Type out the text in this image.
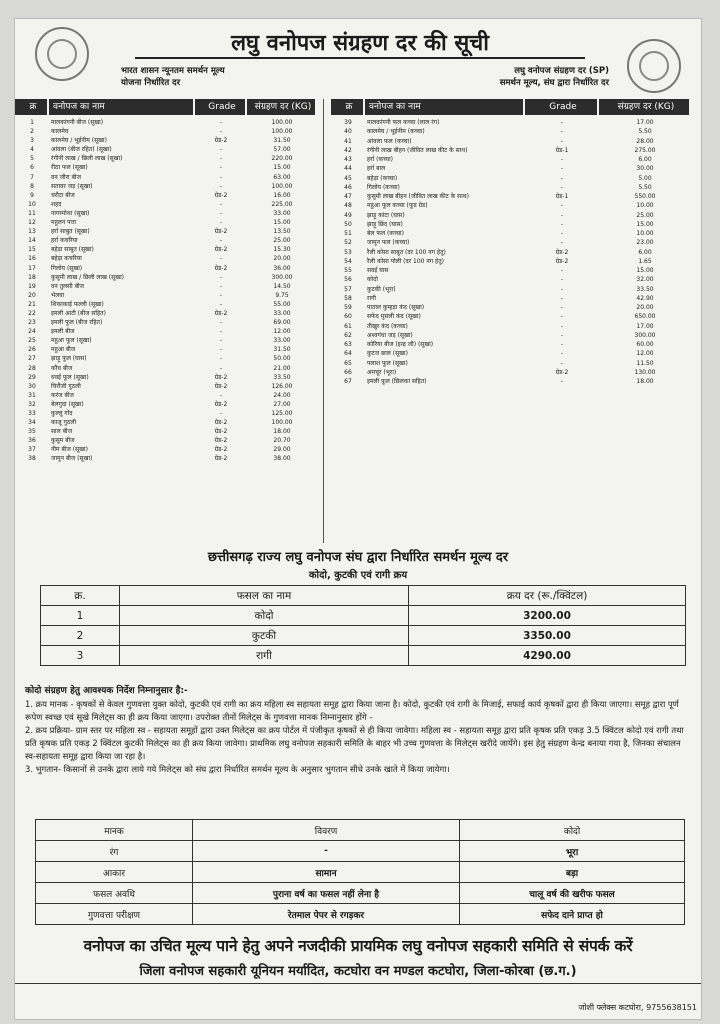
लघु वनोपज संग्रहण दर की सूची
भारत शासन न्यूनतम समर्थन मूल्य
योजना निर्धारित दर
लघु वनोपज संग्रहण दर (SP)
समर्थन मूल्य, संघ द्वारा निर्धारित दर
क्र	वनोपज का नाम	Grade	संग्रहण दर (KG)
1	मालकांगनी बीज (सूखा)	-	100.00
2	कालमेघ	-	100.00
3	कालमेघ / भूईनीम (सूखा)	ग्रेड-2	31.50
4	आंवला (बीज रहित) (सूखा)	-	57.00
5	रंगीनी लाख / छिली लाख (सूखा)	-	220.00
6	रीठा फल (सूखा)	-	15.00
7	वन जीरा बीज	-	63.00
8	सतावर जड़ (सूखा)	-	100.00
9	चरौटा बीज	ग्रेड-2	16.00
10	शहद	-	225.00
11	नागरमोथा (सूखा)	-	33.00
12	महुलन पत्ता	-	15.00
13	हर्रा साबुत (सूखा)	ग्रेड-2	13.50
14	हर्रा कचरिया	-	25.00
15	बहेड़ा साबुत (सूखा)	ग्रेड-2	15.30
16	बहेड़ा कचरिया	-	20.00
17	गिलोय (सूखा)	ग्रेड-2	36.00
18	कुसुमी लाख / छिली लाख (सूखा)	-	300.00
19	वन तुलसी बीज	-	14.50
20	भेलवा	-	9.75
21	शिकाकाई फल्ली (सूखा)	-	55.00
22	इमली आटी (बीज सहित)	ग्रेड-2	33.00
23	इमली फूल (बीज रहित)	-	69.00
24	इमली बीज	-	12.00
25	महुआ फूल (सूखा)	-	33.00
26	महुआ बीज	-	31.50
27	झाड़ू फूल (घास)	-	50.00
28	कौंच बीज	-	21.00
29	धवई फूल (सूखा)	ग्रेड-2	33.50
30	चिरौंजी गुठली	ग्रेड-2	126.00
31	करंज बीज	-	24.00
32	बेलगुदा (सूखा)	ग्रेड-2	27.00
33	कुल्लू गोंद	-	125.00
34	काजू गुठली	ग्रेड-2	100.00
35	साल बीज	ग्रेड-2	18.00
36	कुसुम बीज	ग्रेड-2	20.70
37	नीम बीज (सूखा)	ग्रेड-2	29.00
38	जामुन बीज (सूखा)	ग्रेड-2	38.00
क्र	वनोपज का नाम	Grade	संग्रहण दर (KG)
39	मालकांगनी फल कच्चा (लाल रंग)	-	17.00
40	कालमेघ / भूईनीम (कच्चा)	-	5.50
41	आंवला फल (कच्चा)	-	28.00
42	रंगीनी लाख बीहन (जीवित लाख कीट के साथ)	ग्रेड-1	275.00
43	हर्रा (कच्चा)	-	6.00
44	हर्रा बाल	-	30.00
45	बहेड़ा (कच्चा)	-	5.00
46	गिलोय (कच्चा)	-	5.50
47	कुसुमी लाख बीहन (जीवित लाख कीट के साथ)	ग्रेड-1	550.00
48	महुआ फूल कच्चा (फूड ग्रेड)	-	10.00
49	झाड़ू कांटा (घास)	-	25.00
50	झाड़ू छिंद (घास)	-	15.00
51	बेल फल (कच्चा)	-	10.00
52	जामुन फल (कच्चा)	-	23.00
53	रैली कोसा साबुत (दर 100 नग हेतु)	ग्रेड-2	6.00
54	रैली कोसा पोली (दर 100 नग हेतु)	ग्रेड-2	1.65
55	सवई घास	-	15.00
56	कोदो	-	32.00
57	कुटकी (भूरा)	-	33.50
58	रागी	-	42.90
59	पाताल कुम्हड़ा कंद (सूखा)	-	20.00
60	सफेद मुसली कंद (सूखा)	-	650.00
61	तीखुर कंद (कच्चा)	-	17.00
62	अश्वगंधा जड़ (सूखा)	-	300.00
63	कोरिया बीज (इन्द्र जौ) (सूखा)	-	60.00
64	कुटज छाल (सूखा)	-	12.00
65	पलाश फूल (सूखा)	-	11.50
66	अमचूर (भूरा)	ग्रेड-2	130.00
67	इमली फूल (छिलका सहित)	-	18.00
छत्तीसगढ़ राज्य लघु वनोपज संघ द्वारा निर्धारित समर्थन मूल्य दर
कोदो, कुटकी एवं रागी क्रय
क्र.	फसल का नाम	क्रय दर (रू./क्विंटल)
1	कोदो	3200.00
2	कुटकी	3350.00
3	रागी	4290.00

कोदो संग्रहण हेतु आवश्यक निर्देश निम्नानुसार है:-

1. क्रय मानक - कृषकों से केवल गुणवत्ता युक्त कोदो, कुटकी एवं रागी का क्रय महिला स्व सहायता समूह द्वारा किया जाना है। कोदो, कुटकी एवं रागी के मिजाई, सफाई कार्य कृषकों द्वारा ही किया जाएगा। समूह द्वारा पूर्ण रूपेण स्वच्छ एवं सूखे मिलेट्स का ही क्रय किया जाएगा। उपरोक्त तीनों मिलेट्स के गुणवत्ता मानक निम्नानुसार होंगे -

2. क्रय प्रक्रिया- ग्राम स्तर पर महिला स्व - सहायता समूहों द्वारा उक्त मिलेट्स का क्रय पोर्टल में पंजीकृत कृषकों से ही किया जावेगा। महिला स्व - सहायता समूह द्वारा प्रति कृषक प्रति एकड़ 3.5 क्विंटल कोदो एवं रागी तथा प्रति कृषक प्रति एकड़ 2 क्विंटल कुटकी मिलेट्स का ही क्रय किया जावेगा। प्राथमिक लघु वनोपज सहकारी समिति के बाहर भी उच्च गुणवत्ता के मिलेट्स खरीदे जायेंगे। इस हेतु संग्रहण केन्द्र बनाया गया है, जिनका संचालन स्व-सहायता समूह द्वारा किया जा रहा है।

3. भुगतान- किसानों से उनके द्वारा लाये गये मिलेट्स को संघ द्वारा निर्धारित समर्थन मूल्य के अनुसार भुगतान सीधे उनके खाते में किया जायेगा।

मानक	विवरण	कोदो
रंग	-	भूरा
आकार	सामान	बड़ा
फसल अवधि	पुराना वर्ष का फसल नहीं लेना है	चालू वर्ष की खरीफ फसल
गुणवत्ता परीक्षण	रेतमाल पेपर से रगड़कर	सफेद दाने प्राप्त हो
वनोपज का उचित मूल्य पाने हेतु अपने नजदीकी प्रायमिक लघु वनोपज सहकारी समिति से संपर्क करें
जिला वनोपज सहकारी यूनियन मर्यादित, कटघोरा वन मण्डल कटघोरा, जिला-कोरबा (छ.ग.)
जोशी फ्लेक्स कटघोरा, 9755638151
